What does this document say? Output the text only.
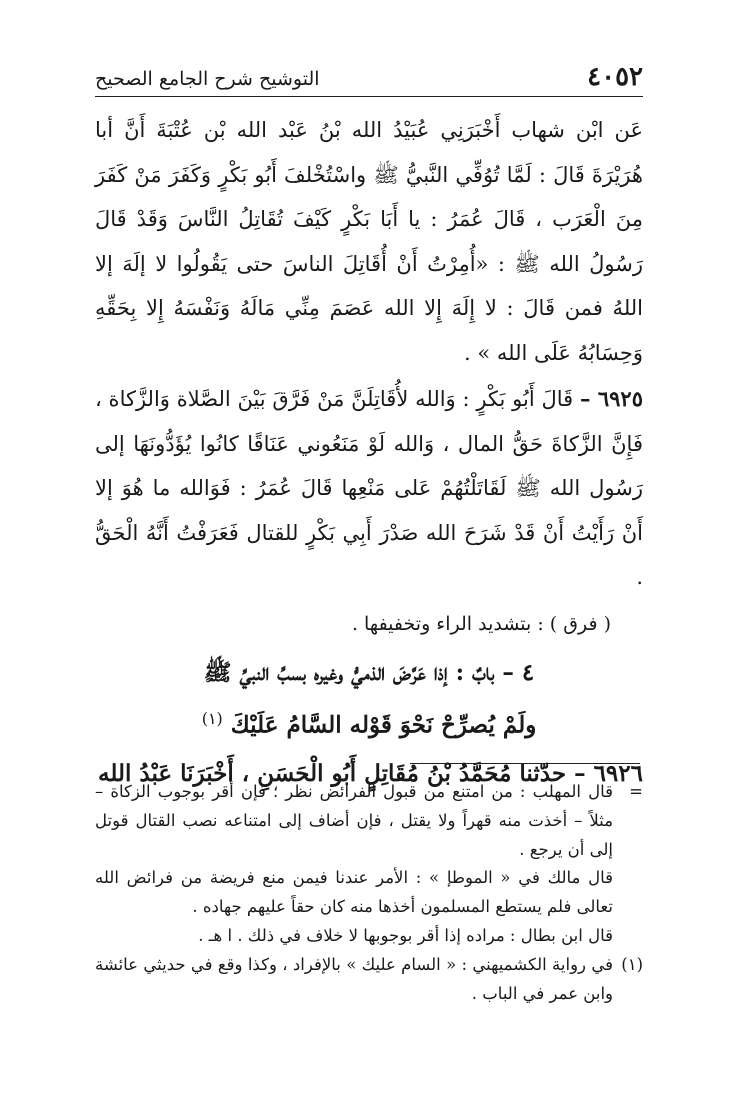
٤٠٥٢
التوشيح شرح الجامع الصحيح

عَن ابْن شهاب أَخْبَرَنِي عُبَيْدُ الله بْنُ عَبْد الله بْن عُتْبَةَ أَنَّ أبا هُرَيْرَةَ قَالَ : لَمَّا تُوُفِّي النَّبيُّ ﷺ واسْتُخْلفَ أَبُو بَكْرٍ وَكَفَرَ مَنْ كَفَرَ مِنَ الْعَرَب ، قَالَ عُمَرُ : يا أَبَا بَكْرٍ كَيْفَ تُقَاتِلُ النَّاسَ وَقَدْ قَالَ رَسُولُ الله ﷺ : «أُمِرْتُ أَنْ أُقَاتِلَ الناسَ حتى يَقُولُوا لا إلَهَ إلا اللهُ فمن قَالَ : لا إِلَهَ إِلا الله عَصَمَ مِنِّي مَالَهُ وَنَفْسَهُ إِلا بِحَقِّهِ وَحِسَابُهُ عَلَى الله » .

٦٩٢٥ – قَالَ أَبُو بَكْرٍ : وَالله لأُقَاتِلَنَّ مَنْ فَرَّقَ بَيْنَ الصَّلاة وَالزَّكاة ، فَإِنَّ الزَّكاةَ حَقُّ المال ، وَالله لَوْ مَنَعُوني عَنَاقًا كانُوا يُؤَدُّونَهَا إلى رَسُول الله ﷺ لَقَاتَلْتُهُمْ عَلى مَنْعِها قَالَ عُمَرُ : فَوَالله ما هُوَ إلا أَنْ رَأَيْتُ أَنْ قَدْ شَرَحَ الله صَدْرَ أَبِي بَكْرٍ للقتال فَعَرَفْتُ أَنَّهُ الْحَقُّ .

( فرق ) : بتشديد الراء وتخفيفها .

٤ – بابٌ : إذا عَرَّضَ الذميُّ وغيره بسبِّ النبيِّ ﷺ
ولَمْ يُصرِّحْ نَحْوَ قَوْله السَّامُ عَلَيْكَ $^{(١)}$

٦٩٢٦ – حدّثنا مُحَمَّدُ بْنُ مُقَاتِلٍ أَبُو الْحَسَنِ ، أَخْبَرَنَا عَبْدُ الله

=
قال المهلب : من امتنع من قبول الفرائض نظر ؛ فإن أقر بوجوب الزكاة – مثلاً – أخذت منه قهراً ولا يقتل ، فإن أضاف إلى امتناعه نصب القتال قوتل إلى أن يرجع .

قال مالك في « الموطإ » : الأمر عندنا فيمن منع فريضة من فرائض الله تعالى فلم يستطع المسلمون أخذها منه كان حقاً عليهم جهاده .

قال ابن بطال : مراده إذا أقر بوجوبها لا خلاف في ذلك . ا هـ .

(١)
في رواية الكشميهني : « السام عليك » بالإفراد ، وكذا وقع في حديثي عائشة وابن عمر في الباب .
